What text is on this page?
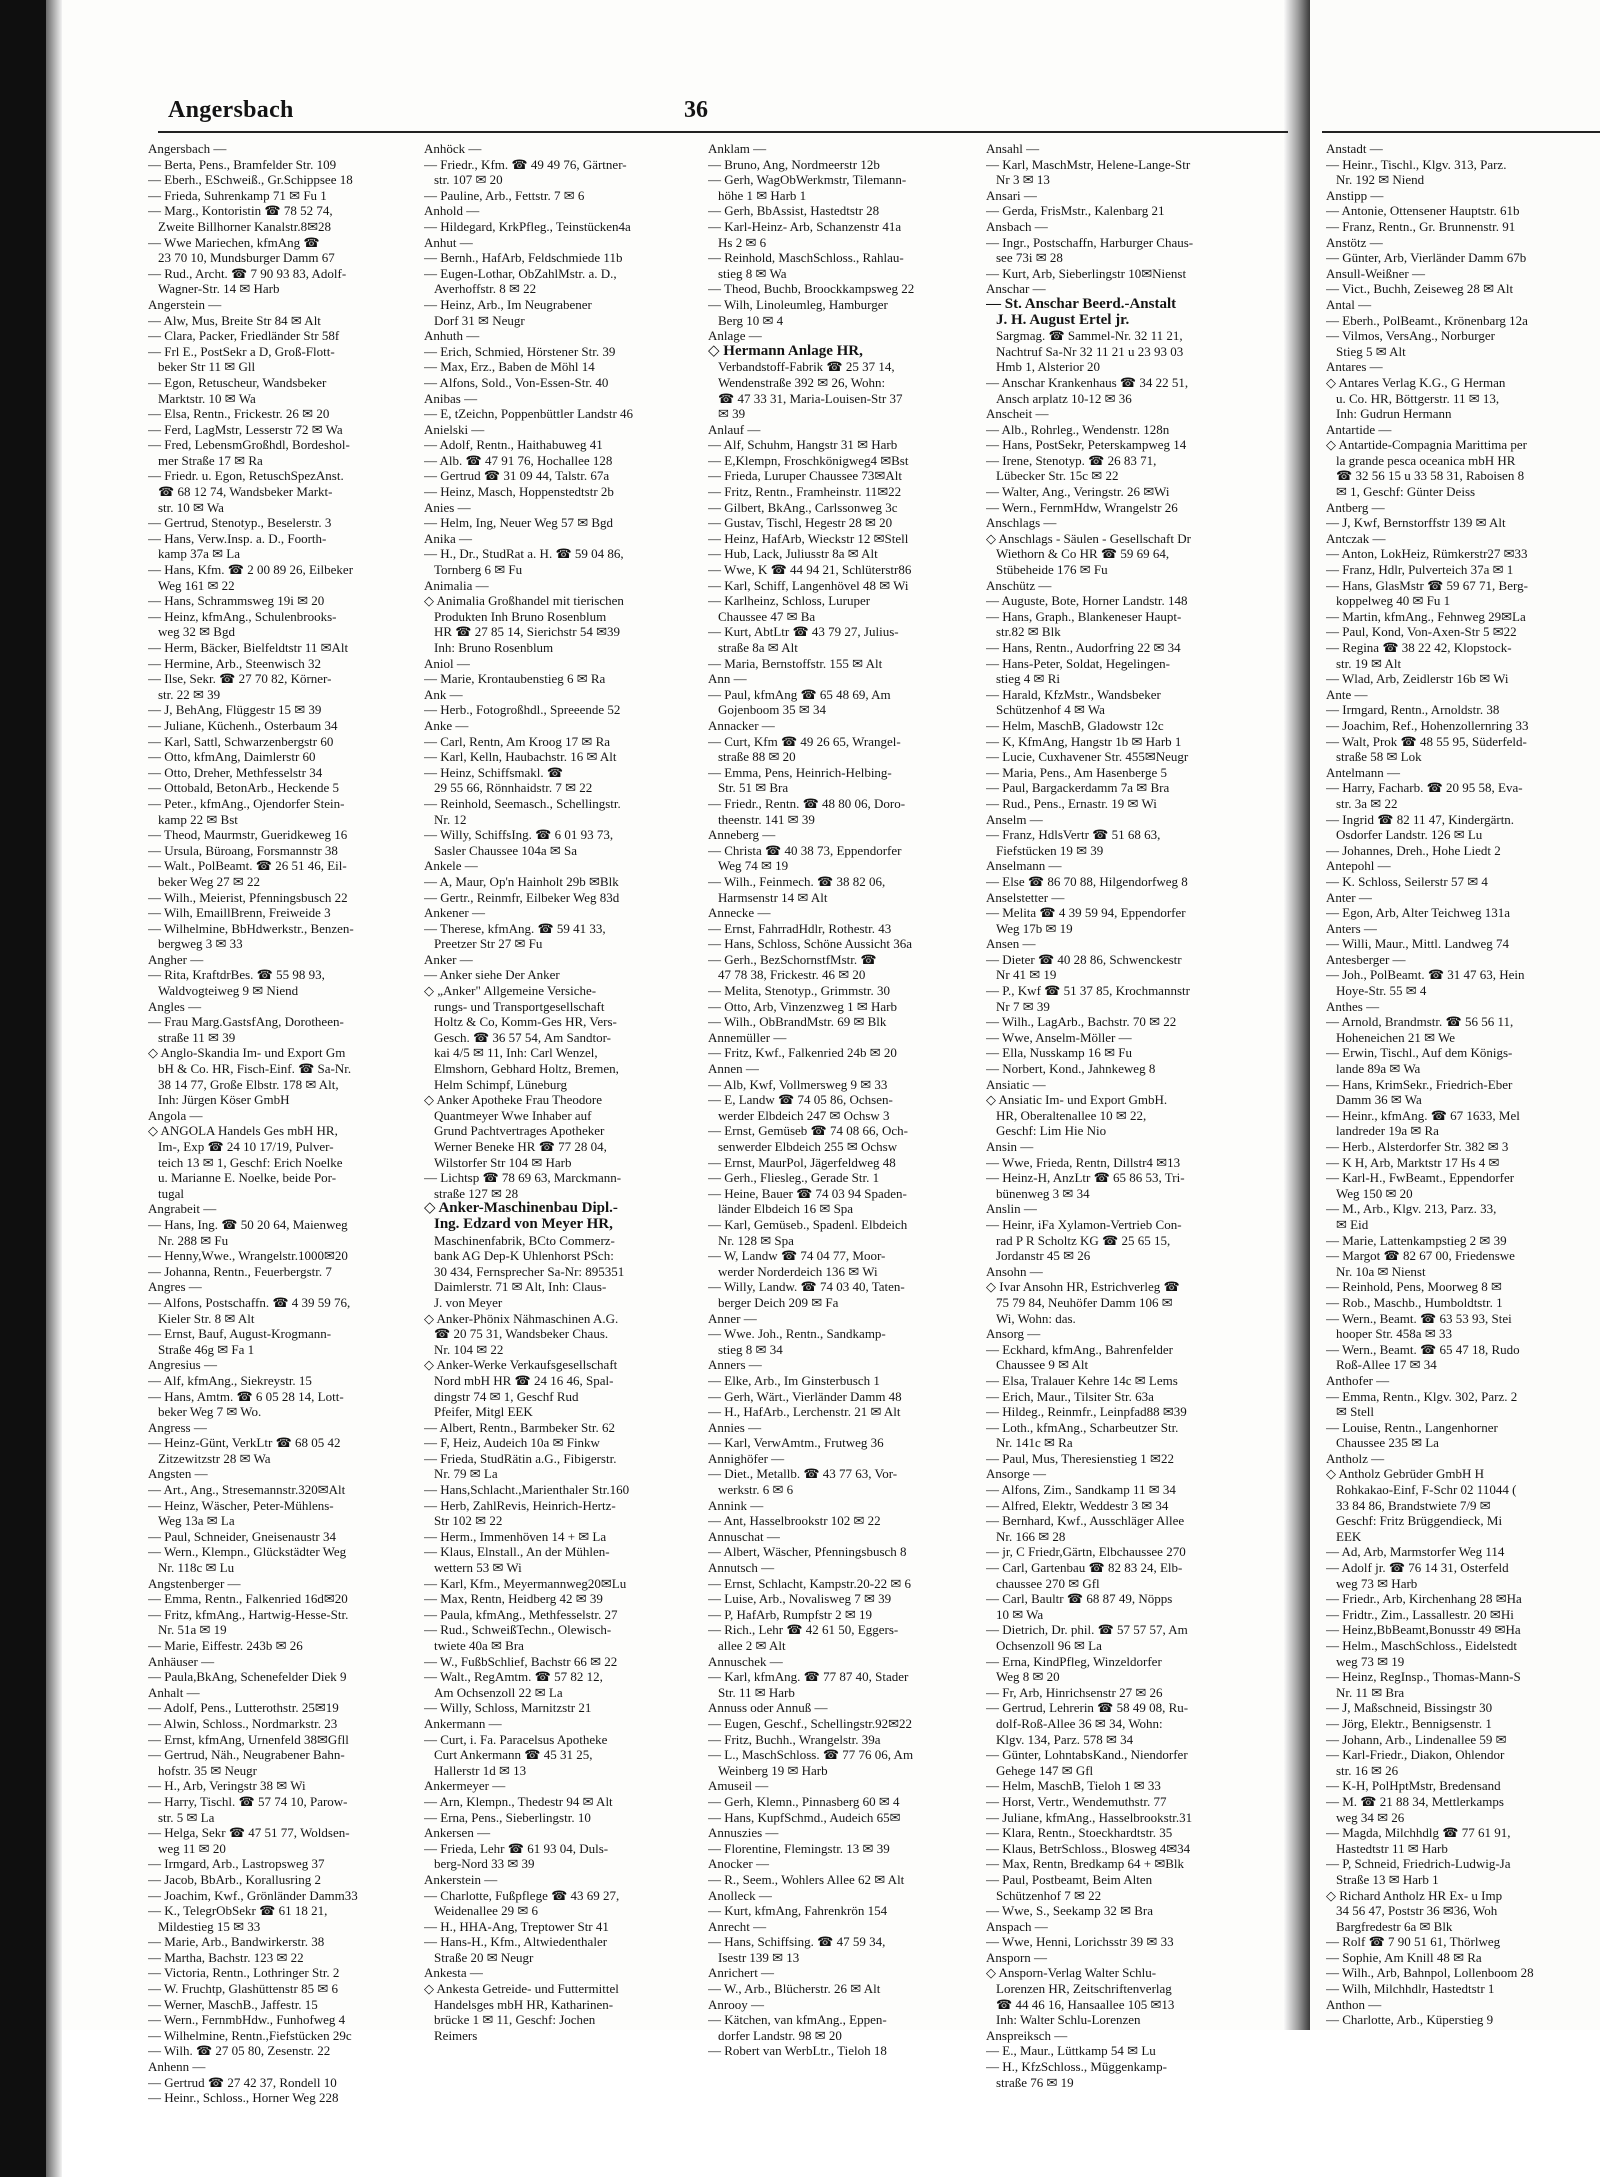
Angersbach	36
Angersbach —
— Berta, Pens., Bramfelder Str. 109
— Eberh., ESchweiß., Gr.Schippsee 18
— Frieda, Suhrenkamp 71 ✉ Fu 1
— Marg., Kontoristin ☎ 78 52 74,
Zweite Billhorner Kanalstr.8✉28
— Wwe Mariechen, kfmAng ☎
23 70 10, Mundsburger Damm 67
— Rud., Archt. ☎ 7 90 93 83, Adolf-
Wagner-Str. 14 ✉ Harb
Angerstein —
— Alw, Mus, Breite Str 84 ✉ Alt
— Clara, Packer, Friedländer Str 58f
— Frl E., PostSekr a D, Groß-Flott-
beker Str 11 ✉ Gll
— Egon, Retuscheur, Wandsbeker
Marktstr. 10 ✉ Wa
— Elsa, Rentn., Frickestr. 26 ✉ 20
— Ferd, LagMstr, Lesserstr 72 ✉ Wa
— Fred, LebensmGroßhdl, Bordeshol-
mer Straße 17 ✉ Ra
— Friedr. u. Egon, RetuschSpezAnst.
☎ 68 12 74, Wandsbeker Markt-
str. 10 ✉ Wa
— Gertrud, Stenotyp., Beselerstr. 3
— Hans, Verw.Insp. a. D., Foorth-
kamp 37a ✉ La
— Hans, Kfm. ☎ 2 00 89 26, Eilbeker
Weg 161 ✉ 22
— Hans, Schrammsweg 19i ✉ 20
— Heinz, kfmAng., Schulenbrooks-
weg 32 ✉ Bgd
— Herm, Bäcker, Bielfeldtstr 11 ✉Alt
— Hermine, Arb., Steenwisch 32
— Ilse, Sekr. ☎ 27 70 82, Körner-
str. 22 ✉ 39
— J, BehAng, Flüggestr 15 ✉ 39
— Juliane, Küchenh., Osterbaum 34
— Karl, Sattl, Schwarzenbergstr 60
— Otto, kfmAng, Daimlerstr 60
— Otto, Dreher, Methfesselstr 34
— Ottobald, BetonArb., Heckende 5
— Peter., kfmAng., Ojendorfer Stein-
kamp 22 ✉ Bst
— Theod, Maurmstr, Gueridkeweg 16
— Ursula, Büroang, Forsmannstr 38
— Walt., PolBeamt. ☎ 26 51 46, Eil-
beker Weg 27 ✉ 22
— Wilh., Meierist, Pfenningsbusch 22
— Wilh, EmaillBrenn, Freiweide 3
— Wilhelmine, BbHdwerkstr., Benzen-
bergweg 3 ✉ 33
Angher —
— Rita, KraftdrBes. ☎ 55 98 93,
Waldvogteiweg 9 ✉ Niend
Angles —
— Frau Marg.GastsfAng, Dorotheen-
straße 11 ✉ 39
◇ Anglo-Skandia Im- und Export Gm
bH & Co. HR, Fisch-Einf. ☎ Sa-Nr.
38 14 77, Große Elbstr. 178 ✉ Alt,
Inh: Jürgen Köser GmbH
Angola —
◇ ANGOLA Handels Ges mbH HR,
Im-, Exp ☎ 24 10 17/19, Pulver-
teich 13 ✉ 1, Geschf: Erich Noelke
u. Marianne E. Noelke, beide Por-
tugal
Angrabeit —
— Hans, Ing. ☎ 50 20 64, Maienweg
Nr. 288 ✉ Fu
— Henny,Wwe., Wrangelstr.1000✉20
— Johanna, Rentn., Feuerbergstr. 7
Angres —
— Alfons, Postschaffn. ☎ 4 39 59 76,
Kieler Str. 8 ✉ Alt
— Ernst, Bauf, August-Krogmann-
Straße 46g ✉ Fa 1
Angresius —
— Alf, kfmAng., Siekreystr. 15
— Hans, Amtm. ☎ 6 05 28 14, Lott-
beker Weg 7 ✉ Wo.
Angress —
— Heinz-Günt, VerkLtr ☎ 68 05 42
Zitzewitzstr 28 ✉ Wa
Angsten —
— Art., Ang., Stresemannstr.320✉Alt
— Heinz, Wäscher, Peter-Mühlens-
Weg 13a ✉ La
— Paul, Schneider, Gneisenaustr 34
— Wern., Klempn., Glückstädter Weg
Nr. 118c ✉ Lu
Angstenberger —
— Emma, Rentn., Falkenried 16d✉20
— Fritz, kfmAng., Hartwig-Hesse-Str.
Nr. 51a ✉ 19
— Marie, Eiffestr. 243b ✉ 26
Anhäuser —
— Paula,BkAng, Schenefelder Diek 9
Anhalt —
— Adolf, Pens., Lutterothstr. 25✉19
— Alwin, Schloss., Nordmarkstr. 23
— Ernst, kfmAng, Urnenfeld 38✉Gfll
— Gertrud, Näh., Neugrabener Bahn-
hofstr. 35 ✉ Neugr
— H., Arb, Veringstr 38 ✉ Wi
— Harry, Tischl. ☎ 57 74 10, Parow-
str. 5 ✉ La
— Helga, Sekr ☎ 47 51 77, Woldsen-
weg 11 ✉ 20
— Irmgard, Arb., Lastropsweg 37
— Jacob, BbArb., Korallusring 2
— Joachim, Kwf., Grönländer Damm33
— K., TelegrObSekr ☎ 61 18 21,
Mildestieg 15 ✉ 33
— Marie, Arb., Bandwirkerstr. 38
— Martha, Bachstr. 123 ✉ 22
— Victoria, Rentn., Lothringer Str. 2
— W. Fruchtp, Glashüttenstr 85 ✉ 6
— Werner, MaschB., Jaffestr. 15
— Wern., FernmbHdw., Funhofweg 4
— Wilhelmine, Rentn.,Fiefstücken 29c
— Wilh. ☎ 27 05 80, Zesenstr. 22
Anhenn —
— Gertrud ☎ 27 42 37, Rondell 10
— Heinr., Schloss., Horner Weg 228
Anhöck —
— Friedr., Kfm. ☎ 49 49 76, Gärtner-
str. 107 ✉ 20
— Pauline, Arb., Fettstr. 7 ✉ 6
Anhold —
— Hildegard, KrkPfleg., Teinstücken4a
Anhut —
— Bernh., HafArb, Feldschmiede 11b
— Eugen-Lothar, ObZahlMstr. a. D.,
Averhoffstr. 8 ✉ 22
— Heinz, Arb., Im Neugrabener
Dorf 31 ✉ Neugr
Anhuth —
— Erich, Schmied, Hörstener Str. 39
— Max, Erz., Baben de Möhl 14
— Alfons, Sold., Von-Essen-Str. 40
Anibas —
— E, tZeichn, Poppenbüttler Landstr 46
Anielski —
— Adolf, Rentn., Haithabuweg 41
— Alb. ☎ 47 91 76, Hochallee 128
— Gertrud ☎ 31 09 44, Talstr. 67a
— Heinz, Masch, Hoppenstedtstr 2b
Anies —
— Helm, Ing, Neuer Weg 57 ✉ Bgd
Anika —
— H., Dr., StudRat a. H. ☎ 59 04 86,
Tornberg 6 ✉ Fu
Animalia —
◇ Animalia Großhandel mit tierischen
Produkten Inh Bruno Rosenblum
HR ☎ 27 85 14, Sierichstr 54 ✉39
Inh: Bruno Rosenblum
Aniol —
— Marie, Krontaubenstieg 6 ✉ Ra
Ank —
— Herb., Fotogroßhdl., Spreeende 52
Anke —
— Carl, Rentn, Am Kroog 17 ✉ Ra
— Karl, Kelln, Haubachstr. 16 ✉ Alt
— Heinz, Schiffsmakl. ☎
29 55 66, Rönnhaidstr. 7 ✉ 22
— Reinhold, Seemasch., Schellingstr.
Nr. 12
— Willy, SchiffsIng. ☎ 6 01 93 73,
Sasler Chaussee 104a ✉ Sa
Ankele —
— A, Maur, Op'n Hainholt 29b ✉Blk
— Gertr., Reinmfr, Eilbeker Weg 83d
Ankener —
— Therese, kfmAng. ☎ 59 41 33,
Preetzer Str 27 ✉ Fu
Anker —
— Anker siehe Der Anker
◇ „Anker" Allgemeine Versiche-
rungs- und Transportgesellschaft
Holtz & Co, Komm-Ges HR, Vers-
Gesch. ☎ 36 57 54, Am Sandtor-
kai 4/5 ✉ 11, Inh: Carl Wenzel,
Elmshorn, Gebhard Holtz, Bremen,
Helm Schimpf, Lüneburg
◇ Anker Apotheke Frau Theodore
Quantmeyer Wwe Inhaber auf
Grund Pachtvertrages Apotheker
Werner Beneke HR ☎ 77 28 04,
Wilstorfer Str 104 ✉ Harb
— Lichtsp ☎ 78 69 63, Marckmann-
straße 127 ✉ 28
◇ Anker-Maschinenbau Dipl.-
Ing. Edzard von Meyer HR,
Maschinenfabrik, BCto Commerz-
bank AG Dep-K Uhlenhorst PSch:
30 434, Fernsprecher Sa-Nr: 895351
Daimlerstr. 71 ✉ Alt, Inh: Claus-
J. von Meyer
◇ Anker-Phönix Nähmaschinen A.G.
☎ 20 75 31, Wandsbeker Chaus.
Nr. 104 ✉ 22
◇ Anker-Werke Verkaufsgesellschaft
Nord mbH HR ☎ 24 16 46, Spal-
dingstr 74 ✉ 1, Geschf Rud
Pfeifer, Mitgl EEK
— Albert, Rentn., Barmbeker Str. 62
— F, Heiz, Audeich 10a ✉ Finkw
— Frieda, StudRätin a.G., Fibigerstr.
Nr. 79 ✉ La
— Hans,Schlacht.,Marienthaler Str.160
— Herb, ZahlRevis, Heinrich-Hertz-
Str 102 ✉ 22
— Herm., Immenhöven 14 + ✉ La
— Klaus, Elnstall., An der Mühlen-
wettern 53 ✉ Wi
— Karl, Kfm., Meyermannweg20✉Lu
— Max, Rentn, Heidberg 42 ✉ 39
— Paula, kfmAng., Methfesselstr. 27
— Rud., SchweißTechn., Olewisch-
twiete 40a ✉ Bra
— W., FußbSchlief, Bachstr 66 ✉ 22
— Walt., RegAmtm. ☎ 57 82 12,
Am Ochsenzoll 22 ✉ La
— Willy, Schloss, Marnitzstr 21
Ankermann —
— Curt, i. Fa. Paracelsus Apotheke
Curt Ankermann ☎ 45 31 25,
Hallerstr 1d ✉ 13
Ankermeyer —
— Arn, Klempn., Thedestr 94 ✉ Alt
— Erna, Pens., Sieberlingstr. 10
Ankersen —
— Frieda, Lehr ☎ 61 93 04, Duls-
berg-Nord 33 ✉ 39
Ankerstein —
— Charlotte, Fußpflege ☎ 43 69 27,
Weidenallee 29 ✉ 6
— H., HHA-Ang, Treptower Str 41
— Hans-H., Kfm., Altwiedenthaler
Straße 20 ✉ Neugr
Ankesta —
◇ Ankesta Getreide- und Futtermittel
Handelsges mbH HR, Katharinen-
brücke 1 ✉ 11, Geschf: Jochen
Reimers
Anklam —
— Bruno, Ang, Nordmeerstr 12b
— Gerh, WagObWerkmstr, Tilemann-
höhe 1 ✉ Harb 1
— Gerh, BbAssist, Hastedtstr 28
— Karl-Heinz- Arb, Schanzenstr 41a
Hs 2 ✉ 6
— Reinhold, MaschSchloss., Rahlau-
stieg 8 ✉ Wa
— Theod, Buchb, Broockkampsweg 22
— Wilh, Linoleumleg, Hamburger
Berg 10 ✉ 4
Anlage —
◇ Hermann Anlage HR,
Verbandstoff-Fabrik ☎ 25 37 14,
Wendenstraße 392 ✉ 26, Wohn:
☎ 47 33 31, Maria-Louisen-Str 37
✉ 39
Anlauf —
— Alf, Schuhm, Hangstr 31 ✉ Harb
— E,Klempn, Froschkönigweg4 ✉Bst
— Frieda, Luruper Chaussee 73✉Alt
— Fritz, Rentn., Framheinstr. 11✉22
— Gilbert, BkAng., Carlssonweg 3c
— Gustav, Tischl, Hegestr 28 ✉ 20
— Heinz, HafArb, Wieckstr 12 ✉Stell
— Hub, Lack, Juliusstr 8a ✉ Alt
— Wwe, K ☎ 44 94 21, Schlüterstr86
— Karl, Schiff, Langenhövel 48 ✉ Wi
— Karlheinz, Schloss, Luruper
Chaussee 47 ✉ Ba
— Kurt, AbtLtr ☎ 43 79 27, Julius-
straße 8a ✉ Alt
— Maria, Bernstoffstr. 155 ✉ Alt
Ann —
— Paul, kfmAng ☎ 65 48 69, Am
Gojenboom 35 ✉ 34
Annacker —
— Curt, Kfm ☎ 49 26 65, Wrangel-
straße 88 ✉ 20
— Emma, Pens, Heinrich-Helbing-
Str. 51 ✉ Bra
— Friedr., Rentn. ☎ 48 80 06, Doro-
theenstr. 141 ✉ 39
Anneberg —
— Christa ☎ 40 38 73, Eppendorfer
Weg 74 ✉ 19
— Wilh., Feinmech. ☎ 38 82 06,
Harmsenstr 14 ✉ Alt
Annecke —
— Ernst, FahrradHdlr, Rothestr. 43
— Hans, Schloss, Schöne Aussicht 36a
— Gerh., BezSchornstfMstr. ☎
47 78 38, Frickestr. 46 ✉ 20
— Melita, Stenotyp., Grimmstr. 30
— Otto, Arb, Vinzenzweg 1 ✉ Harb
— Wilh., ObBrandMstr. 69 ✉ Blk
Annemüller —
— Fritz, Kwf., Falkenried 24b ✉ 20
Annen —
— Alb, Kwf, Vollmersweg 9 ✉ 33
— E, Landw ☎ 74 05 86, Ochsen-
werder Elbdeich 247 ✉ Ochsw 3
— Ernst, Gemüseb ☎ 74 08 66, Och-
senwerder Elbdeich 255 ✉ Ochsw
— Ernst, MaurPol, Jägerfeldweg 48
— Gerh., Fliesleg., Gerade Str. 1
— Heine, Bauer ☎ 74 03 94 Spaden-
länder Elbdeich 16 ✉ Spa
— Karl, Gemüseb., Spadenl. Elbdeich
Nr. 128 ✉ Spa
— W, Landw ☎ 74 04 77, Moor-
werder Norderdeich 136 ✉ Wi
— Willy, Landw. ☎ 74 03 40, Taten-
berger Deich 209 ✉ Fa
Anner —
— Wwe. Joh., Rentn., Sandkamp-
stieg 8 ✉ 34
Anners —
— Elke, Arb., Im Ginsterbusch 1
— Gerh, Wärt., Vierländer Damm 48
— H., HafArb., Lerchenstr. 21 ✉ Alt
Annies —
— Karl, VerwAmtm., Frutweg 36
Annighöfer —
— Diet., Metallb. ☎ 43 77 63, Vor-
werkstr. 6 ✉ 6
Annink —
— Ant, Hasselbrookstr 102 ✉ 22
Annuschat —
— Albert, Wäscher, Pfenningsbusch 8
Annutsch —
— Ernst, Schlacht, Kampstr.20-22 ✉ 6
— Luise, Arb., Novalisweg 7 ✉ 39
— P, HafArb, Rumpfstr 2 ✉ 19
— Rich., Lehr ☎ 42 61 50, Eggers-
allee 2 ✉ Alt
Annuschek —
— Karl, kfmAng. ☎ 77 87 40, Stader
Str. 11 ✉ Harb
Annuss oder Annuß —
— Eugen, Geschf., Schellingstr.92✉22
— Fritz, Buchh., Wrangelstr. 39a
— L., MaschSchloss. ☎ 77 76 06, Am
Weinberg 19 ✉ Harb
Amuseil —
— Gerh, Klemn., Pinnasberg 60 ✉ 4
— Hans, KupfSchmd., Audeich 65✉
Annuszies —
— Florentine, Flemingstr. 13 ✉ 39
Anocker —
— R., Seem., Wohlers Allee 62 ✉ Alt
Anolleck —
— Kurt, kfmAng, Fahrenkrön 154
Anrecht —
— Hans, Schiffsing. ☎ 47 59 34,
Isestr 139 ✉ 13
Anrichert —
— W., Arb., Blücherstr. 26 ✉ Alt
Anrooy —
— Kätchen, van kfmAng., Eppen-
dorfer Landstr. 98 ✉ 20
— Robert van WerbLtr., Tieloh 18
Ansahl —
— Karl, MaschMstr, Helene-Lange-Str
Nr 3 ✉ 13
Ansari —
— Gerda, FrisMstr., Kalenbarg 21
Ansbach —
— Ingr., Postschaffn, Harburger Chaus-
see 73i ✉ 28
— Kurt, Arb, Sieberlingstr 10✉Nienst
Anschar —
— St. Anschar Beerd.-Anstalt
J. H. August Ertel jr.
Sargmag. ☎ Sammel-Nr. 32 11 21,
Nachtruf Sa-Nr 32 11 21 u 23 93 03
Hmb 1, Alsterior 20
— Anschar Krankenhaus ☎ 34 22 51,
Ansch arplatz 10-12 ✉ 36
Anscheit —
— Alb., Rohrleg., Wendenstr. 128n
— Hans, PostSekr, Peterskampweg 14
— Irene, Stenotyp. ☎ 26 83 71,
Lübecker Str. 15c ✉ 22
— Walter, Ang., Veringstr. 26 ✉Wi
— Wern., FernmHdw, Wrangelstr 26
Anschlags —
◇ Anschlags - Säulen - Gesellschaft Dr
Wiethorn & Co HR ☎ 59 69 64,
Stübeheide 176 ✉ Fu
Anschütz —
— Auguste, Bote, Horner Landstr. 148
— Hans, Graph., Blankeneser Haupt-
str.82 ✉ Blk
— Hans, Rentn., Audorfring 22 ✉ 34
— Hans-Peter, Soldat, Hegelingen-
stieg 4 ✉ Ri
— Harald, KfzMstr., Wandsbeker
Schützenhof 4 ✉ Wa
— Helm, MaschB, Gladowstr 12c
— K, KfmAng, Hangstr 1b ✉ Harb 1
— Lucie, Cuxhavener Str. 455✉Neugr
— Maria, Pens., Am Hasenberge 5
— Paul, Bargackerdamm 7a ✉ Bra
— Rud., Pens., Ernastr. 19 ✉ Wi
Anselm —
— Franz, HdlsVertr ☎ 51 68 63,
Fiefstücken 19 ✉ 39
Anselmann —
— Else ☎ 86 70 88, Hilgendorfweg 8
Anselstetter —
— Melita ☎ 4 39 59 94, Eppendorfer
Weg 17b ✉ 19
Ansen —
— Dieter ☎ 40 28 86, Schwenckestr
Nr 41 ✉ 19
— P., Kwf ☎ 51 37 85, Krochmannstr
Nr 7 ✉ 39
— Wilh., LagArb., Bachstr. 70 ✉ 22
— Wwe, Anselm-Möller —
— Ella, Nusskamp 16 ✉ Fu
— Norbert, Kond., Jahnkeweg 8
Ansiatic —
◇ Ansiatic Im- und Export GmbH.
HR, Oberaltenallee 10 ✉ 22,
Geschf: Lim Hie Nio
Ansin —
— Wwe, Frieda, Rentn, Dillstr4 ✉13
— Heinz-H, AnzLtr ☎ 65 86 53, Tri-
bünenweg 3 ✉ 34
Anslin —
— Heinr, iFa Xylamon-Vertrieb Con-
rad P R Scholtz KG ☎ 25 65 15,
Jordanstr 45 ✉ 26
Ansohn —
◇ Ivar Ansohn HR, Estrichverleg ☎
75 79 84, Neuhöfer Damm 106 ✉
Wi, Wohn: das.
Ansorg —
— Eckhard, kfmAng., Bahrenfelder
Chaussee 9 ✉ Alt
— Elsa, Tralauer Kehre 14c ✉ Lems
— Erich, Maur., Tilsiter Str. 63a
— Hildeg., Reinmfr., Leinpfad88 ✉39
— Loth., kfmAng., Scharbeutzer Str.
Nr. 141c ✉ Ra
— Paul, Mus, Theresienstieg 1 ✉22
Ansorge —
— Alfons, Zim., Sandkamp 11 ✉ 34
— Alfred, Elektr, Weddestr 3 ✉ 34
— Bernhard, Kwf., Ausschläger Allee
Nr. 166 ✉ 28
— jr, C Friedr,Gärtn, Elbchaussee 270
— Carl, Gartenbau ☎ 82 83 24, Elb-
chaussee 270 ✉ Gfl
— Carl, Baultr ☎ 68 87 49, Nöpps
10 ✉ Wa
— Dietrich, Dr. phil. ☎ 57 57 57, Am
Ochsenzoll 96 ✉ La
— Erna, KindPfleg, Winzeldorfer
Weg 8 ✉ 20
— Fr, Arb, Hinrichsenstr 27 ✉ 26
— Gertrud, Lehrerin ☎ 58 49 08, Ru-
dolf-Roß-Allee 36 ✉ 34, Wohn:
Klgv. 134, Parz. 578 ✉ 34
— Günter, LohntabsKand., Niendorfer
Gehege 147 ✉ Gfl
— Helm, MaschB, Tieloh 1 ✉ 33
— Horst, Vertr., Wendemuthstr. 77
— Juliane, kfmAng., Hasselbrookstr.31
— Klara, Rentn., Stoeckhardtstr. 35
— Klaus, BetrSchloss., Blosweg 4✉34
— Max, Rentn, Bredkamp 64 + ✉Blk
— Paul, Postbeamt, Beim Alten
Schützenhof 7 ✉ 22
— Wwe, S., Seekamp 32 ✉ Bra
Anspach —
— Wwe, Henni, Lorichsstr 39 ✉ 33
Ansporn —
◇ Ansporn-Verlag Walter Schlu-
Lorenzen HR, Zeitschriftenverlag
☎ 44 46 16, Hansaallee 105 ✉13
Inh: Walter Schlu-Lorenzen
Anspreiksch —
— E., Maur., Lüttkamp 54 ✉ Lu
— H., KfzSchloss., Müggenkamp-
straße 76 ✉ 19
Anstadt —
— Heinr., Tischl., Klgv. 313, Parz.
Nr. 192 ✉ Niend
Anstipp —
— Antonie, Ottensener Hauptstr. 61b
— Franz, Rentn., Gr. Brunnenstr. 91
Anstötz —
— Günter, Arb, Vierländer Damm 67b
Ansull-Weißner —
— Vict., Buchh, Zeiseweg 28 ✉ Alt
Antal —
— Eberh., PolBeamt., Krönenbarg 12a
— Vilmos, VersAng., Norburger
Stieg 5 ✉ Alt
Antares —
◇ Antares Verlag K.G., G Herman
u. Co. HR, Böttgerstr. 11 ✉ 13,
Inh: Gudrun Hermann
Antartide —
◇ Antartide-Compagnia Marittima per
la grande pesca oceanica mbH HR
☎ 32 56 15 u 33 58 31, Raboisen 8
✉ 1, Geschf: Günter Deiss
Antberg —
— J, Kwf, Bernstorffstr 139 ✉ Alt
Antczak —
— Anton, LokHeiz, Rümkerstr27 ✉33
— Franz, Hdlr, Pulverteich 37a ✉ 1
— Hans, GlasMstr ☎ 59 67 71, Berg-
koppelweg 40 ✉ Fu 1
— Martin, kfmAng., Fehnweg 29✉La
— Paul, Kond, Von-Axen-Str 5 ✉22
— Regina ☎ 38 22 42, Klopstock-
str. 19 ✉ Alt
— Wlad, Arb, Zeidlerstr 16b ✉ Wi
Ante —
— Irmgard, Rentn., Arnoldstr. 38
— Joachim, Ref., Hohenzollernring 33
— Walt, Prok ☎ 48 55 95, Süderfeld-
straße 58 ✉ Lok
Antelmann —
— Harry, Facharb. ☎ 20 95 58, Eva-
str. 3a ✉ 22
— Ingrid ☎ 82 11 47, Kindergärtn.
Osdorfer Landstr. 126 ✉ Lu
— Johannes, Dreh., Hohe Liedt 2
Antepohl —
— K. Schloss, Seilerstr 57 ✉ 4
Anter —
— Egon, Arb, Alter Teichweg 131a
Anters —
— Willi, Maur., Mittl. Landweg 74
Antesberger —
— Joh., PolBeamt. ☎ 31 47 63, Hein
Hoye-Str. 55 ✉ 4
Anthes —
— Arnold, Brandmstr. ☎ 56 56 11,
Hoheneichen 21 ✉ We
— Erwin, Tischl., Auf dem Königs-
lande 89a ✉ Wa
— Hans, KrimSekr., Friedrich-Eber
Damm 36 ✉ Wa
— Heinr., kfmAng. ☎ 67 1633, Mel
landreder 19a ✉ Ra
— Herb., Alsterdorfer Str. 382 ✉ 3
— K H, Arb, Marktstr 17 Hs 4 ✉
— Karl-H., FwBeamt., Eppendorfer
Weg 150 ✉ 20
— M., Arb., Klgv. 213, Parz. 33,
✉ Eid
— Marie, Lattenkampstieg 2 ✉ 39
— Margot ☎ 82 67 00, Friedenswe
Nr. 10a ✉ Nienst
— Reinhold, Pens, Moorweg 8 ✉
— Rob., Maschb., Humboldtstr. 1
— Wern., Beamt. ☎ 63 53 93, Stei
hooper Str. 458a ✉ 33
— Wern., Beamt. ☎ 65 47 18, Rudo
Roß-Allee 17 ✉ 34
Anthofer —
— Emma, Rentn., Klgv. 302, Parz. 2
✉ Stell
— Louise, Rentn., Langenhorner
Chaussee 235 ✉ La
Antholz —
◇ Antholz Gebrüder GmbH H
Rohkakao-Einf, F-Schr 02 11044 (
33 84 86, Brandstwiete 7/9 ✉
Geschf: Fritz Brüggendieck, Mi
EEK
— Ad, Arb, Marmstorfer Weg 114
— Adolf jr. ☎ 76 14 31, Osterfeld
weg 73 ✉ Harb
— Friedr., Arb, Kirchenhang 28 ✉Ha
— Fridtr., Zim., Lassallestr. 20 ✉Hi
— Heinz,BbBeamt,Bonusstr 49 ✉Ha
— Helm., MaschSchloss., Eidelstedt
weg 73 ✉ 19
— Heinz, RegInsp., Thomas-Mann-S
Nr. 11 ✉ Bra
— J, Maßschneid, Bissingstr 30
— Jörg, Elektr., Bennigsenstr. 1
— Johann, Arb., Lindenallee 59 ✉
— Karl-Friedr., Diakon, Ohlendor
str. 16 ✉ 26
— K-H, PolHptMstr, Bredensand
— M. ☎ 21 88 34, Mettlerkamps
weg 34 ✉ 26
— Magda, Milchhdlg ☎ 77 61 91,
Hastedtstr 11 ✉ Harb
— P, Schneid, Friedrich-Ludwig-Ja
Straße 13 ✉ Harb 1
◇ Richard Antholz HR Ex- u Imp
34 56 47, Poststr 36 ✉36, Woh
Bargfredestr 6a ✉ Blk
— Rolf ☎ 7 90 51 61, Thörlweg
— Sophie, Am Knill 48 ✉ Ra
— Wilh., Arb, Bahnpol, Lollenboom 28
— Wilh, Milchhdlr, Hastedtstr 1
Anthon —
— Charlotte, Arb., Küperstieg 9
